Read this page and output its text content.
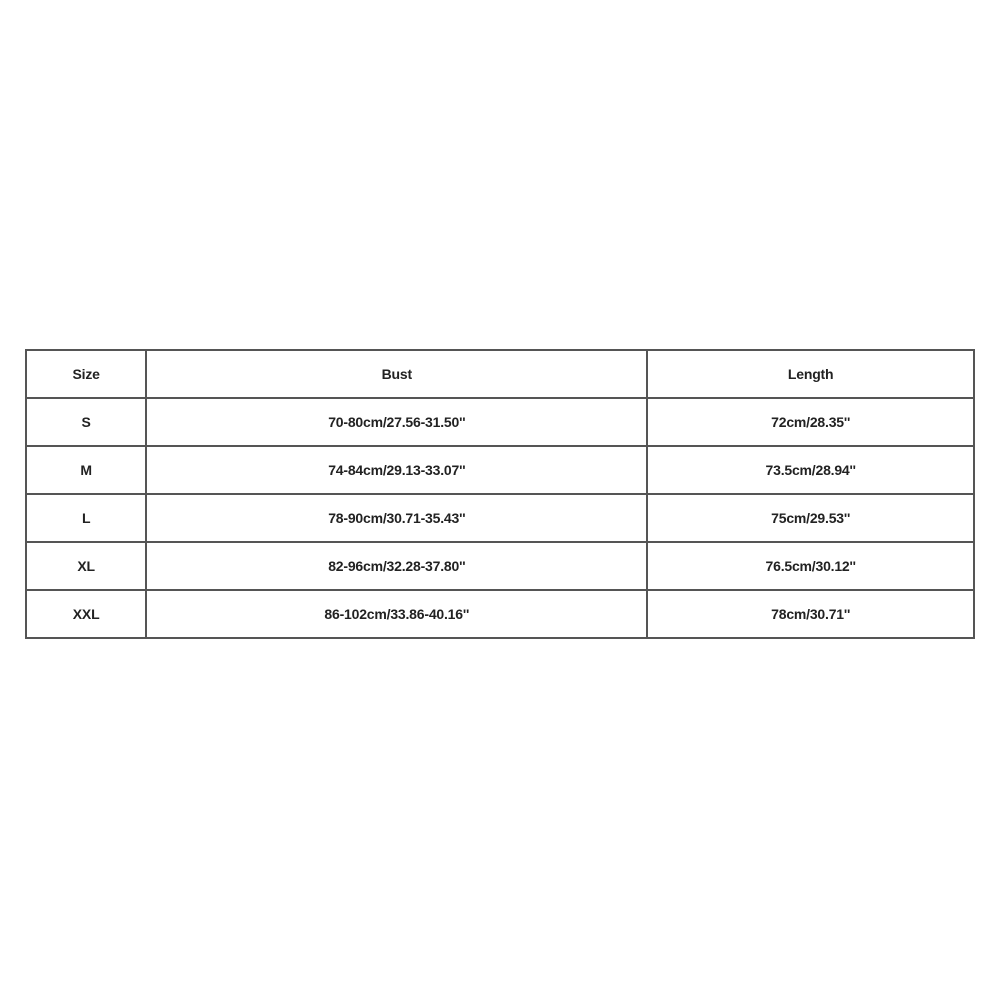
Size	Bust	Length
S	70-80cm/27.56-31.50''	72cm/28.35''
M	74-84cm/29.13-33.07''	73.5cm/28.94''
L	78-90cm/30.71-35.43''	75cm/29.53''
XL	82-96cm/32.28-37.80''	76.5cm/30.12''
XXL	86-102cm/33.86-40.16''	78cm/30.71''
